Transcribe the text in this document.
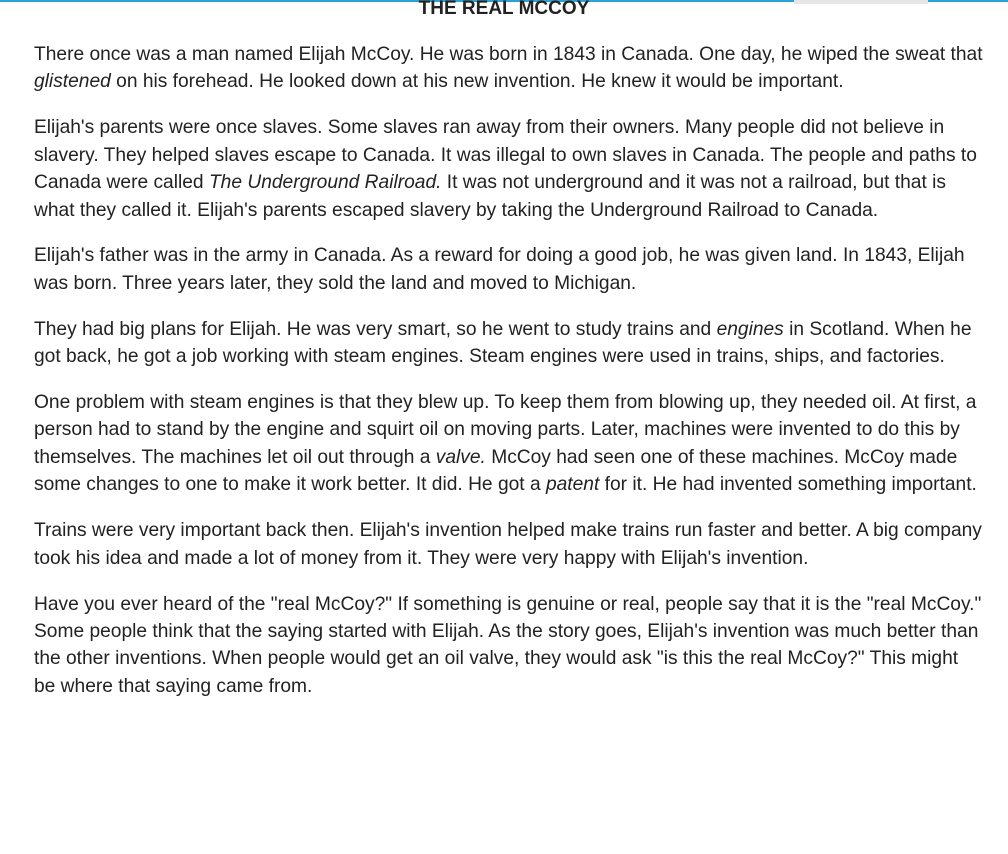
THE REAL MCCOY

There once was a man named Elijah McCoy. He was born in 1843 in Canada. One day, he wiped the sweat that glistened on his forehead. He looked down at his new invention. He knew it would be important.

Elijah's parents were once slaves. Some slaves ran away from their owners. Many people did not believe in slavery. They helped slaves escape to Canada. It was illegal to own slaves in Canada. The people and paths to Canada were called The Underground Railroad. It was not underground and it was not a railroad, but that is what they called it. Elijah's parents escaped slavery by taking the Underground Railroad to Canada.

Elijah's father was in the army in Canada. As a reward for doing a good job, he was given land. In 1843, Elijah was born. Three years later, they sold the land and moved to Michigan.

They had big plans for Elijah. He was very smart, so he went to study trains and engines in Scotland. When he got back, he got a job working with steam engines. Steam engines were used in trains, ships, and factories.

One problem with steam engines is that they blew up. To keep them from blowing up, they needed oil. At first, a person had to stand by the engine and squirt oil on moving parts. Later, machines were invented to do this by themselves. The machines let oil out through a valve. McCoy had seen one of these machines. McCoy made some changes to one to make it work better. It did. He got a patent for it. He had invented something important.

Trains were very important back then. Elijah's invention helped make trains run faster and better. A big company took his idea and made a lot of money from it. They were very happy with Elijah's invention.

Have you ever heard of the "real McCoy?" If something is genuine or real, people say that it is the "real McCoy." Some people think that the saying started with Elijah. As the story goes, Elijah's invention was much better than the other inventions. When people would get an oil valve, they would ask "is this the real McCoy?" This might be where that saying came from.
